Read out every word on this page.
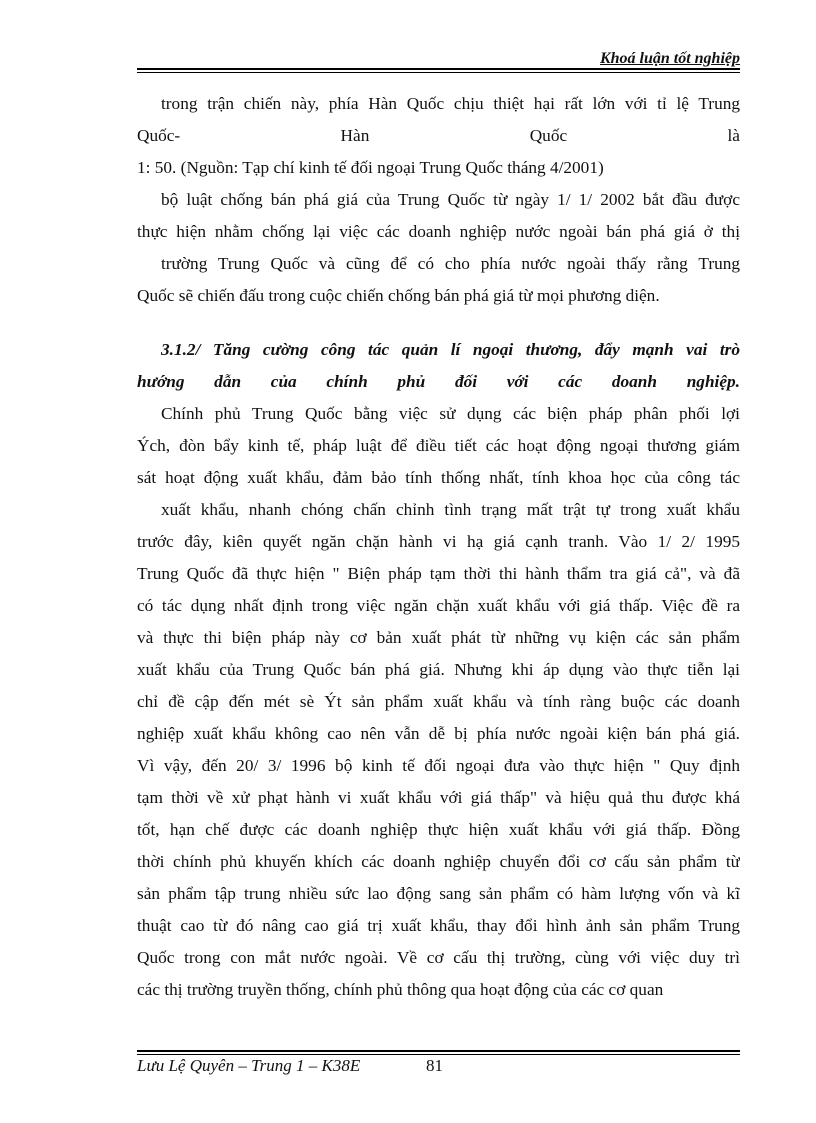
Khoá luận tốt nghiệp
trong trận chiến này, phía Hàn Quốc chịu thiệt hại rất lớn với tỉ lệ Trung
Quốc-	Hàn	Quốc	là
1: 50. (Nguồn: Tạp chí kinh tế đối ngoại Trung Quốc tháng 4/2001)
bộ luật chống bán phá giá của Trung Quốc từ ngày 1/ 1/ 2002 bắt đầu được
thực hiện nhằm chống lại việc các doanh nghiệp nước ngoài bán phá giá ở thị
trường Trung Quốc và cũng để có cho phía nước ngoài thấy rằng Trung
Quốc sẽ chiến đấu trong cuộc chiến chống bán phá giá từ mọi phương diện.
3.1.2/ Tăng cường công tác quản lí ngoại thương, đẩy mạnh vai trò
hướng dẫn của chính phủ đối với các doanh nghiệp.
Chính phủ Trung Quốc bằng việc sử dụng các biện pháp phân phối lợi
Ých, đòn bẩy kinh tế, pháp luật để điều tiết các hoạt động ngoại thương giám
sát hoạt động xuất khẩu, đảm bảo tính thống nhất, tính khoa học của công tác
xuất khẩu, nhanh chóng chấn chỉnh tình trạng mất trật tự trong xuất khẩu
trước đây, kiên quyết ngăn chặn hành vi hạ giá cạnh tranh. Vào 1/ 2/ 1995
Trung Quốc đã thực hiện " Biện pháp tạm thời thi hành thẩm tra giá cả", và đã
có tác dụng nhất định trong việc ngăn chặn xuất khẩu với giá thấp. Việc đề ra
và thực thi biện pháp này cơ bản xuất phát từ những vụ kiện các sản phẩm
xuất khẩu của Trung Quốc bán phá giá. Nhưng khi áp dụng vào thực tiễn lại
chỉ đề cập đến mét sè Ýt sản phẩm xuất khẩu và tính ràng buộc các doanh
nghiệp xuất khẩu không cao nên vẫn dễ bị phía nước ngoài kiện bán phá giá.
Vì vậy, đến 20/ 3/ 1996 bộ kinh tế đối ngoại đưa vào thực hiện " Quy định
tạm thời về xử phạt hành vi xuất khẩu với giá thấp" và hiệu quả thu được khá
tốt, hạn chế được các doanh nghiệp thực hiện xuất khẩu với giá thấp. Đồng
thời chính phủ khuyến khích các doanh nghiệp chuyển đổi cơ cấu sản phẩm từ
sản phẩm tập trung nhiều sức lao động sang sản phẩm có hàm lượng vốn và kĩ
thuật cao từ đó nâng cao giá trị xuất khẩu, thay đổi hình ảnh sản phẩm Trung
Quốc trong con mắt nước ngoài. Về cơ cấu thị trường, cùng với việc duy trì
các thị trường truyền thống, chính phủ thông qua hoạt động của các cơ quan
Lưu Lệ Quyên – Trung 1 – K38E	81
